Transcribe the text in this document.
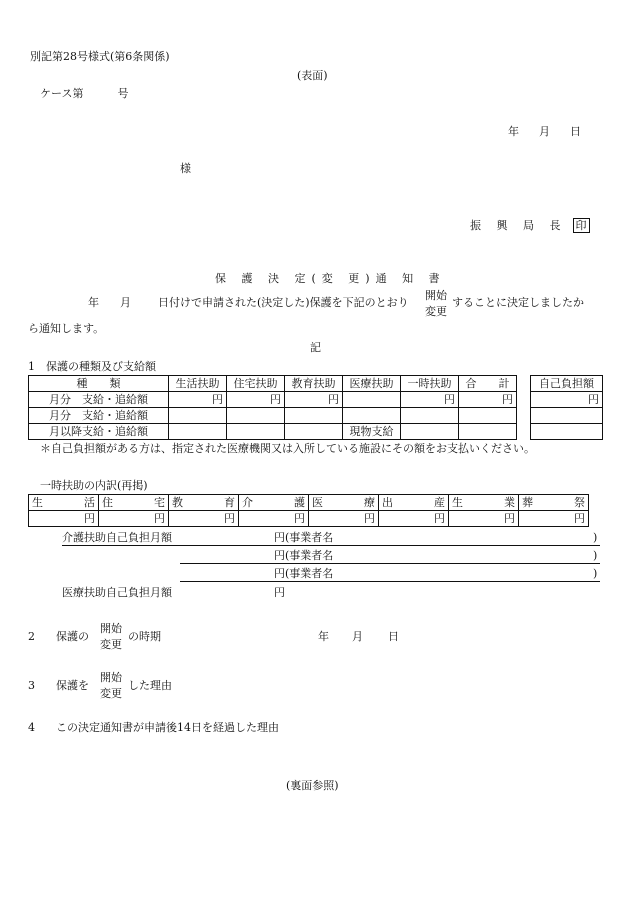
別記第28号様式(第6条関係)
(表面)
ケース第	号
年 月 日
様
振 興 局 長 印
保 護 決 定(変 更)通 知 書
年 月 日付けで申請された(決定した)保護を下記のとおり
開始
変更
することに決定しましたか
ら通知します。
記
1　保護の種類及び支給額
種　　類	生活扶助	住宅扶助	教育扶助	医療扶助	一時扶助	合　　計
月分　支給・追給額	円	円	円		円	円
月分　支給・追給額						
月以降支給・追給額				現物支給		
自己負担額
円

＊自己負担額がある方は、指定された医療機関又は入所している施設にその額をお支払いください。
一時扶助の内訳(再掲)
生 活	住 宅	教 育	介 護	医 療	出 産	生 業	葬 祭

円	円	円	円	円	円	円	円
介護扶助自己負担月額	円 (事業者名	)
円 (事業者名	)
円 (事業者名	)
医療扶助自己負担月額	円
2 保護の
開始
変更
の時期	年 月 日
3 保護を
開始
変更
した理由
4 この決定通知書が申請後14日を経過した理由
(裏面参照)
